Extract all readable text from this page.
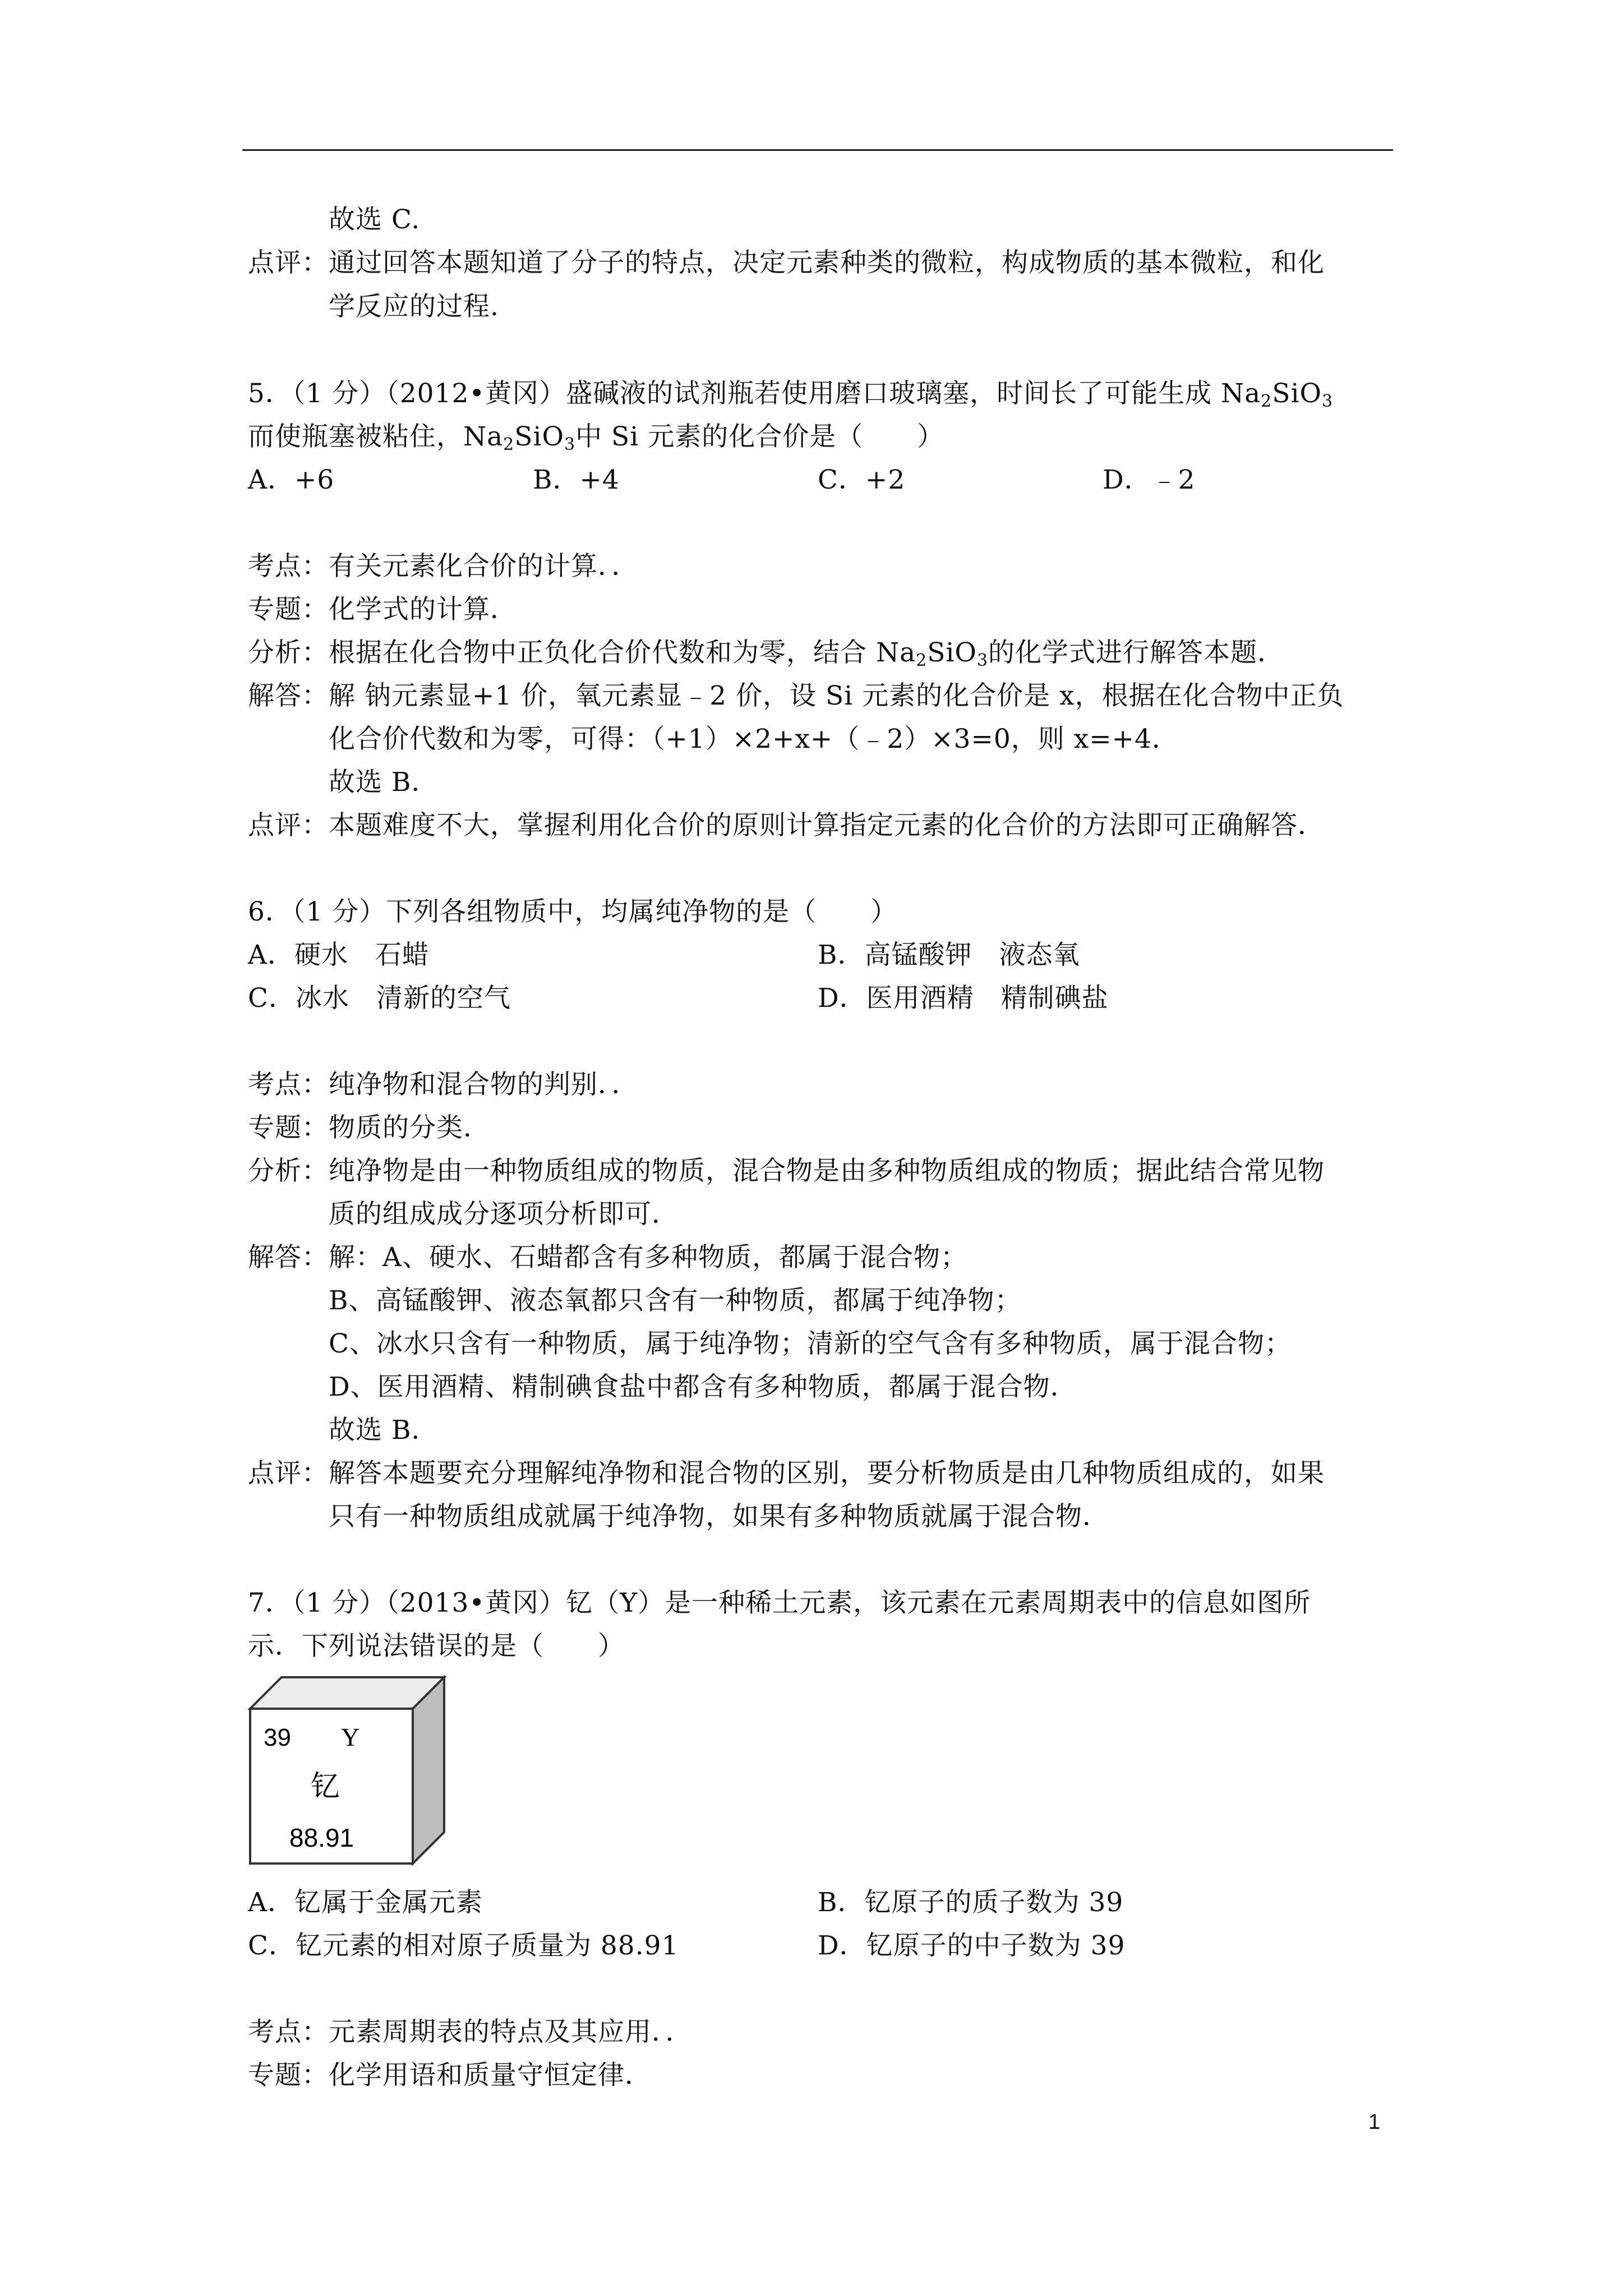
故选 C.
点评：通过回答本题知道了分子的特点，决定元素种类的微粒，构成物质的基本微粒，和化
学反应的过程.
5．（1 分）（2012•黄冈）盛碱液的试剂瓶若使用磨口玻璃塞，时间长了可能生成 $Na_2SiO_3$
而使瓶塞被粘住，$Na_2SiO_3$中 Si 元素的化合价是（　　）
A．+6	B．+4	C．+2	D．﹣2
考点：有关元素化合价的计算．．
专题：化学式的计算．
分析：根据在化合物中正负化合价代数和为零，结合 $Na_2SiO_3$的化学式进行解答本题．
解答：解 钠元素显+1 价，氧元素显﹣2 价，设 Si 元素的化合价是 x，根据在化合物中正负
化合价代数和为零，可得：（+1）×2+x+（﹣2）×3=0，则 x=+4．
故选 B．
点评：本题难度不大，掌握利用化合价的原则计算指定元素的化合价的方法即可正确解答．
6．（1 分）下列各组物质中，均属纯净物的是（　　）
A．硬水　石蜡	B．高锰酸钾　液态氧
C．冰水　清新的空气	D．医用酒精　精制碘盐
考点：纯净物和混合物的判别．．
专题：物质的分类．
分析：纯净物是由一种物质组成的物质，混合物是由多种物质组成的物质；据此结合常见物
质的组成成分逐项分析即可．
解答：解：A、硬水、石蜡都含有多种物质，都属于混合物；
B、高锰酸钾、液态氧都只含有一种物质，都属于纯净物；
C、冰水只含有一种物质，属于纯净物；清新的空气含有多种物质，属于混合物；
D、医用酒精、精制碘食盐中都含有多种物质，都属于混合物．
故选 B．
点评：解答本题要充分理解纯净物和混合物的区别，要分析物质是由几种物质组成的，如果
只有一种物质组成就属于纯净物，如果有多种物质就属于混合物．
7．（1 分）（2013•黄冈）钇（Y）是一种稀土元素，该元素在元素周期表中的信息如图所
示．下列说法错误的是（　　）
39 Y
钇
88.91
A．钇属于金属元素	B．钇原子的质子数为 39
C．钇元素的相对原子质量为 88.91	D．钇原子的中子数为 39
考点：元素周期表的特点及其应用．．
专题：化学用语和质量守恒定律．
1
